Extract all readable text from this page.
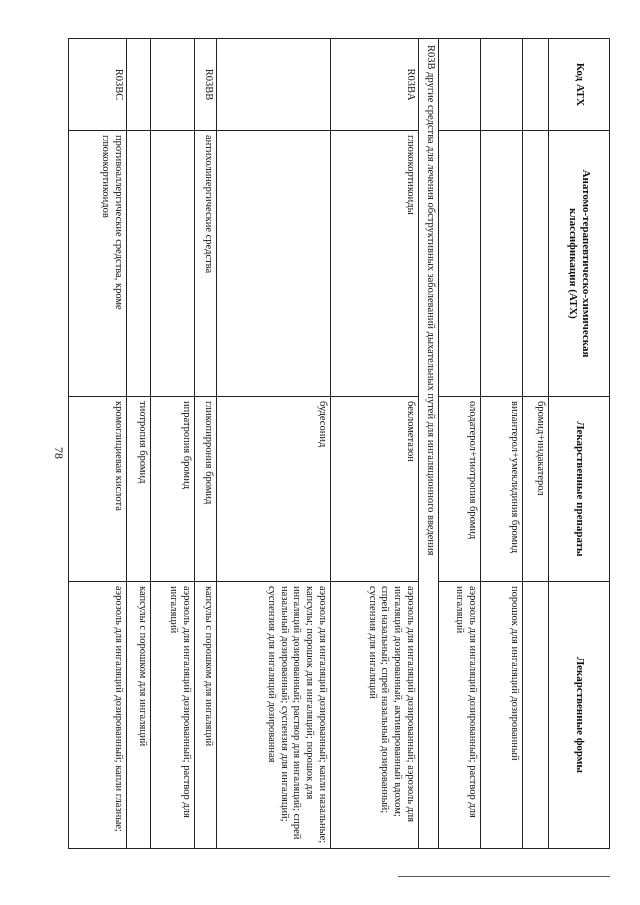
78
Код АТХ	Анатомо-терапевтическо-химическая классификация (АТХ)	Лекарственные препараты	Лекарственные формы
		бромид+индакатерол	
		вилантерол+умеклидиния бромид	порошок для ингаляций дозированный
		олодатерол+тиотропия бромид	аэрозоль для ингаляций дозированный; раствор для ингаляций
R03B другие средства для лечения обструктивных заболеваний дыхательных путей для ингаляционного введения			
R03BA	глюкокортикоиды	беклометазон	аэрозоль для ингаляций дозированный; аэрозоль для ингаляций дозированный, активированный вдохом; спрей назальный; спрей назальный дозированный; суспензия для ингаляций
		будесонид	аэрозоль для ингаляций дозированный; капли назальные; капсулы; порошок для ингаляций; порошок для ингаляций дозированный; раствор для ингаляций; спрей назальный дозированный; суспензия для ингаляций; суспензия для ингаляций дозированная
R03BB	антихолинергические средства	гликопиррония бромид	капсулы с порошком для ингаляций
		ипратропия бромид	аэрозоль для ингаляций дозированный; раствор для ингаляций
		тиотропия бромид	капсулы с порошком для ингаляций
R03BC	противоаллергические средства, кроме глюкокортикоидов	кромоглициевая кислота	аэрозоль для ингаляций дозированный; капли глазные;
